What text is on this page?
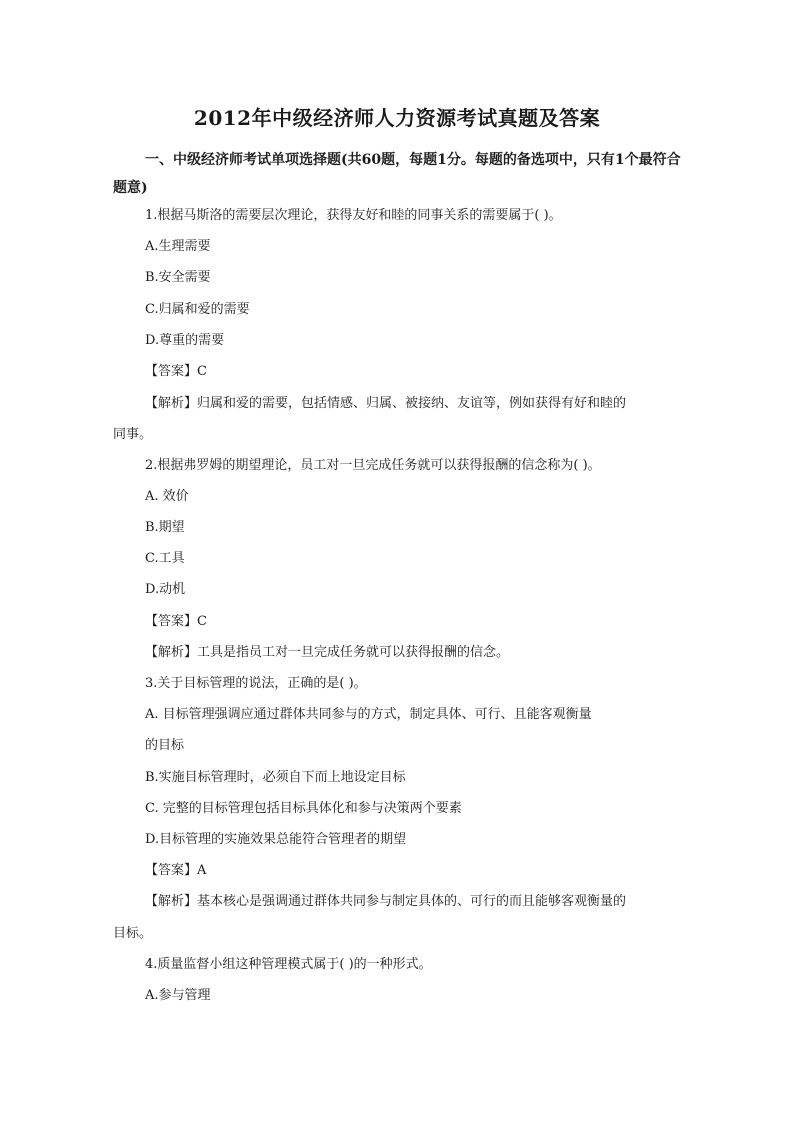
2012年中级经济师人力资源考试真题及答案

一、中级经济师考试单项选择题(共60题，每题1分。每题的备选项中，只有1个最符合题意)

1.根据马斯洛的需要层次理论，获得友好和睦的同事关系的需要属于( )。

A.生理需要

B.安全需要

C.归属和爱的需要

D.尊重的需要

【答案】C

【解析】归属和爱的需要，包括情感、归属、被接纳、友谊等，例如获得有好和睦的

同事。

2.根据弗罗姆的期望理论，员工对一旦完成任务就可以获得报酬的信念称为( )。

A. 效价

B.期望

C.工具

D.动机

【答案】C

【解析】工具是指员工对一旦完成任务就可以获得报酬的信念。

3.关于目标管理的说法，正确的是( )。

A. 目标管理强调应通过群体共同参与的方式，制定具体、可行、且能客观衡量

的目标

B.实施目标管理时，必须自下而上地设定目标

C. 完整的目标管理包括目标具体化和参与决策两个要素

D.目标管理的实施效果总能符合管理者的期望

【答案】A

【解析】基本核心是强调通过群体共同参与制定具体的、可行的而且能够客观衡量的

目标。

4.质量监督小组这种管理模式属于( )的一种形式。

A.参与管理
